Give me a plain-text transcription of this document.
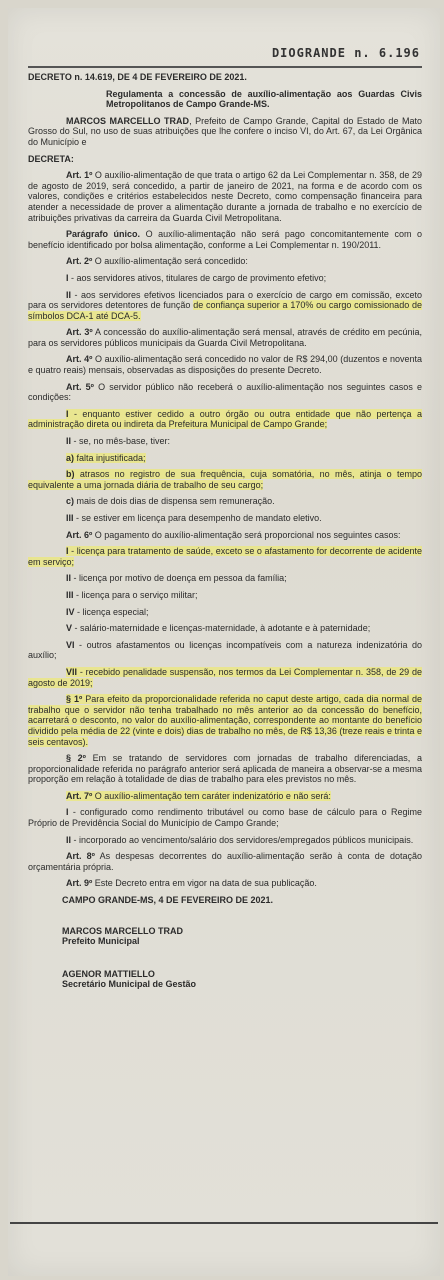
DIOGRANDE n. 6.196

DECRETO n. 14.619, DE 4 DE FEVEREIRO DE 2021.

Regulamenta a concessão de auxílio-alimentação aos Guardas Civis Metropolitanos de Campo Grande-MS.

MARCOS MARCELLO TRAD, Prefeito de Campo Grande, Capital do Estado de Mato Grosso do Sul, no uso de suas atribuições que lhe confere o inciso VI, do Art. 67, da Lei Orgânica do Município e

DECRETA:

Art. 1º O auxílio-alimentação de que trata o artigo 62 da Lei Complementar n. 358, de 29 de agosto de 2019, será concedido, a partir de janeiro de 2021, na forma e de acordo com os valores, condições e critérios estabelecidos neste Decreto, como compensação financeira para atender a necessidade de prover a alimentação durante a jornada de trabalho e no exercício de atribuições privativas da carreira da Guarda Civil Metropolitana.

Parágrafo único. O auxílio-alimentação não será pago concomitantemente com o benefício identificado por bolsa alimentação, conforme a Lei Complementar n. 190/2011.

Art. 2º O auxílio-alimentação será concedido:

I - aos servidores ativos, titulares de cargo de provimento efetivo;

II - aos servidores efetivos licenciados para o exercício de cargo em comissão, exceto para os servidores detentores de função de confiança superior a 170% ou cargo comissionado de símbolos DCA-1 até DCA-5.

Art. 3º A concessão do auxílio-alimentação será mensal, através de crédito em pecúnia, para os servidores públicos municipais da Guarda Civil Metropolitana.

Art. 4º O auxílio-alimentação será concedido no valor de R$ 294,00 (duzentos e noventa e quatro reais) mensais, observadas as disposições do presente Decreto.

Art. 5º O servidor público não receberá o auxílio-alimentação nos seguintes casos e condições:

I - enquanto estiver cedido a outro órgão ou outra entidade que não pertença a administração direta ou indireta da Prefeitura Municipal de Campo Grande;

II - se, no mês-base, tiver:

a) falta injustificada;

b) atrasos no registro de sua frequência, cuja somatória, no mês, atinja o tempo equivalente a uma jornada diária de trabalho de seu cargo;

c) mais de dois dias de dispensa sem remuneração.

III - se estiver em licença para desempenho de mandato eletivo.

Art. 6º O pagamento do auxílio-alimentação será proporcional nos seguintes casos:

I - licença para tratamento de saúde, exceto se o afastamento for decorrente de acidente em serviço;

II - licença por motivo de doença em pessoa da família;

III - licença para o serviço militar;

IV - licença especial;

V - salário-maternidade e licenças-maternidade, à adotante e à paternidade;

VI - outros afastamentos ou licenças incompatíveis com a natureza indenizatória do auxílio;

VII - recebido penalidade suspensão, nos termos da Lei Complementar n. 358, de 29 de agosto de 2019;

§ 1º Para efeito da proporcionalidade referida no caput deste artigo, cada dia normal de trabalho que o servidor não tenha trabalhado no mês anterior ao da concessão do benefício, acarretará o desconto, no valor do auxílio-alimentação, correspondente ao montante do benefício dividido pela média de 22 (vinte e dois) dias de trabalho no mês, de R$ 13,36 (treze reais e trinta e seis centavos).

§ 2º Em se tratando de servidores com jornadas de trabalho diferenciadas, a proporcionalidade referida no parágrafo anterior será aplicada de maneira a observar-se a mesma proporção em relação à totalidade de dias de trabalho para eles previstos no mês.

Art. 7º O auxílio-alimentação tem caráter indenizatório e não será:

I - configurado como rendimento tributável ou como base de cálculo para o Regime Próprio de Previdência Social do Município de Campo Grande;

II - incorporado ao vencimento/salário dos servidores/empregados públicos municipais.

Art. 8º As despesas decorrentes do auxílio-alimentação serão à conta de dotação orçamentária própria.

Art. 9º Este Decreto entra em vigor na data de sua publicação.

CAMPO GRANDE-MS, 4 DE FEVEREIRO DE 2021.

MARCOS MARCELLO TRAD

Prefeito Municipal

AGENOR MATTIELLO

Secretário Municipal de Gestão
